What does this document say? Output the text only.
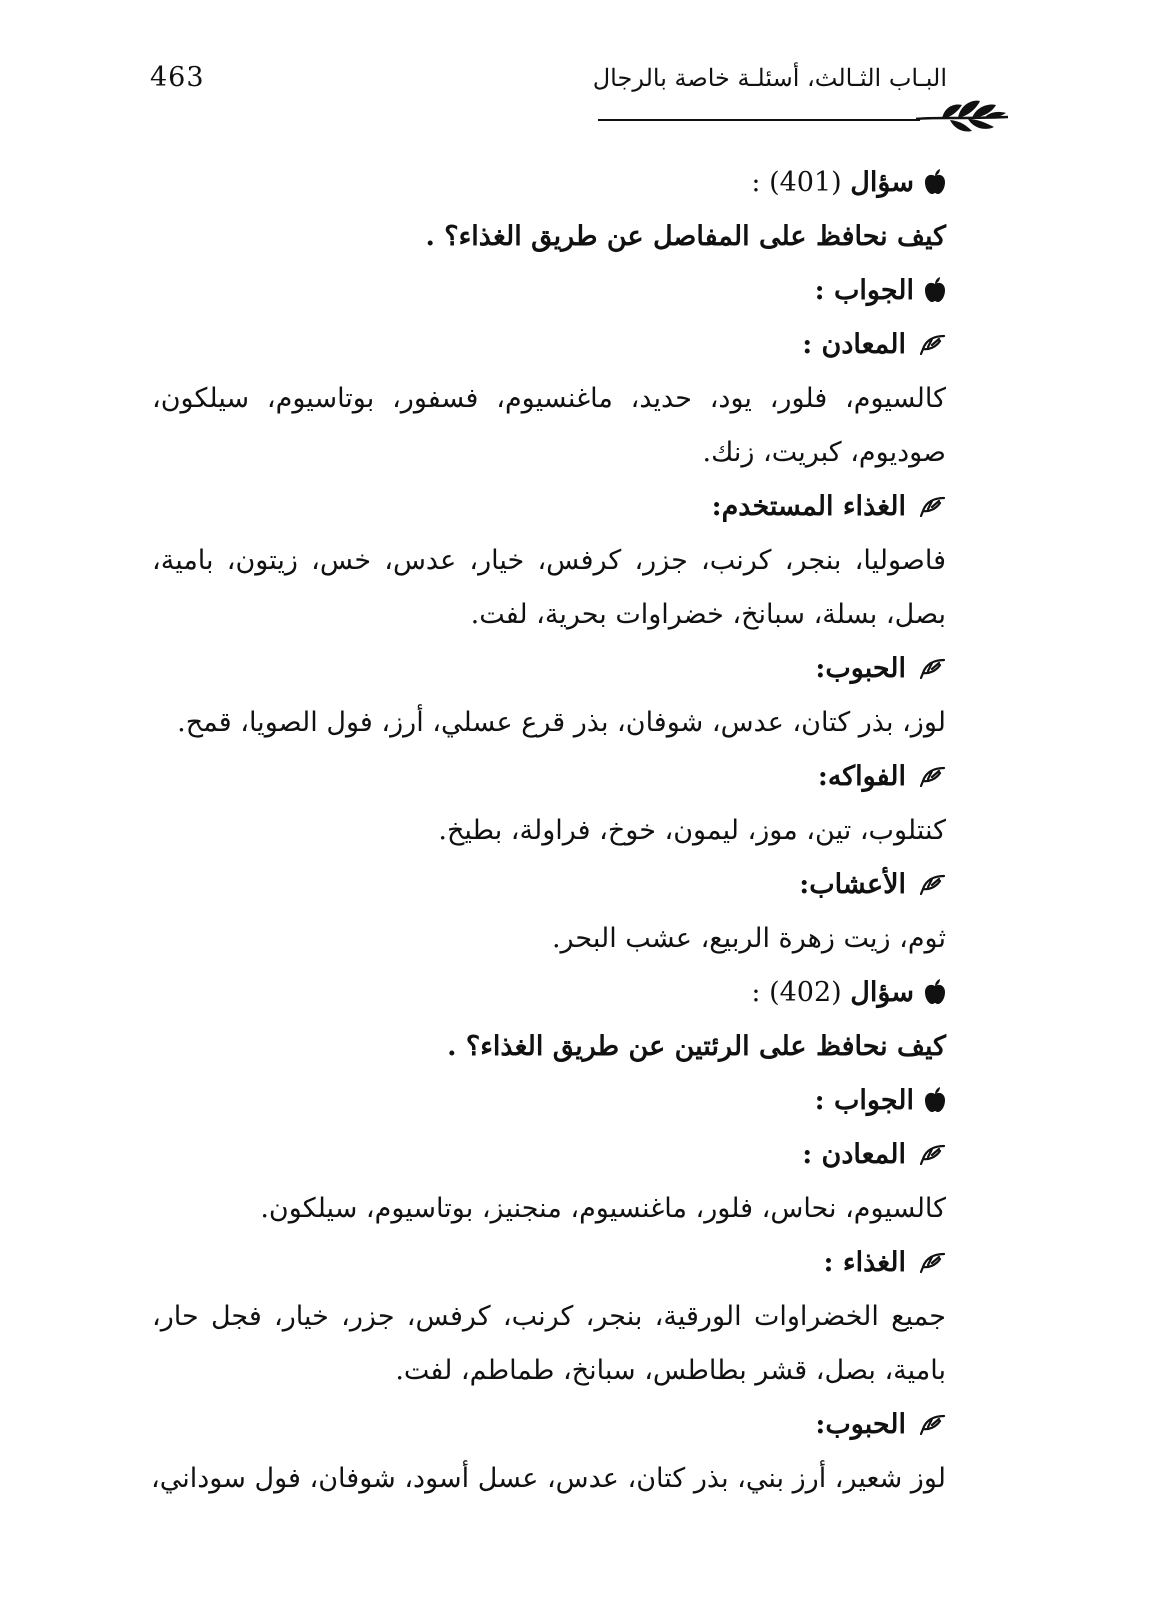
463	البـاب الثـالث، أسئلـة خاصة بالرجال
سؤال (401) :
كيف نحافظ على المفاصل عن طريق الغذاء؟ .
الجواب :
المعادن :
كالسيوم، فلور، يود، حديد، ماغنسيوم، فسفور، بوتاسيوم، سيلكون، صوديوم، كبريت، زنك.
الغذاء المستخدم:
فاصوليا، بنجر، كرنب، جزر، كرفس، خيار، عدس، خس، زيتون، بامية، بصل، بسلة، سبانخ، خضراوات بحرية، لفت.
الحبوب:
لوز، بذر كتان، عدس، شوفان، بذر قرع عسلي، أرز، فول الصويا، قمح.
الفواكه:
كنتلوب، تين، موز، ليمون، خوخ، فراولة، بطيخ.
الأعشاب:
ثوم، زيت زهرة الربيع، عشب البحر.
سؤال (402) :
كيف نحافظ على الرئتين عن طريق الغذاء؟ .
الجواب :
المعادن :
كالسيوم، نحاس، فلور، ماغنسيوم، منجنيز، بوتاسيوم، سيلكون.
الغذاء :
جميع الخضراوات الورقية، بنجر، كرنب، كرفس، جزر، خيار، فجل حار، بامية، بصل، قشر بطاطس، سبانخ، طماطم، لفت.
الحبوب:
لوز شعير، أرز بني، بذر كتان، عدس، عسل أسود، شوفان، فول سوداني،
